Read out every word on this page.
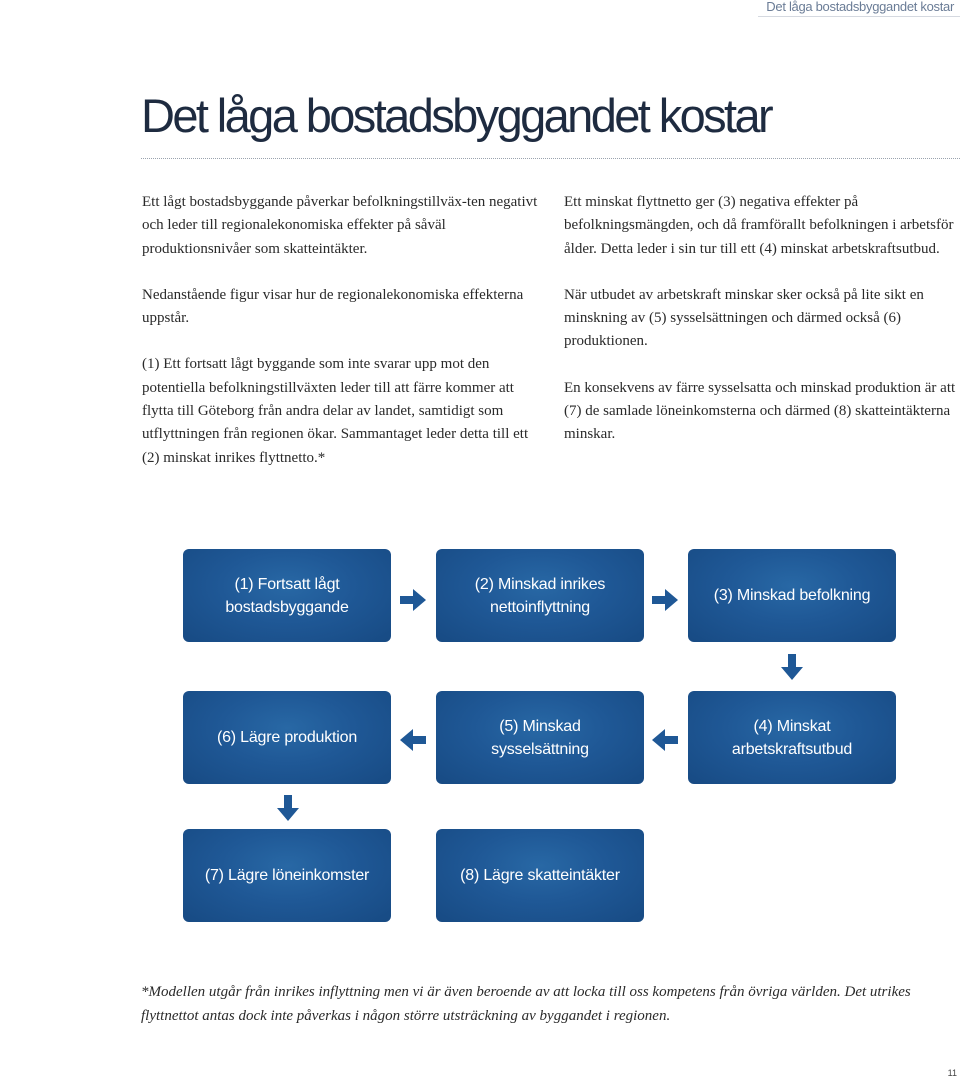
Det låga bostadsbyggandet kostar
Det låga bostadsbyggandet kostar

Ett lågt bostadsbyggande påverkar befolkningstillväx-ten negativt och leder till regionalekonomiska effekter på såväl produktionsnivåer som skatteintäkter.

Nedanstående figur visar hur de regionalekonomiska effekterna uppstår.

(1) Ett fortsatt lågt byggande som inte svarar upp mot den potentiella befolkningstillväxten leder till att färre kommer att flytta till Göteborg från andra delar av landet, samtidigt som utflyttningen från regionen ökar. Sammantaget leder detta till ett (2) minskat inrikes flyttnetto.*

Ett minskat flyttnetto ger (3) negativa effekter på befolkningsmängden, och då framförallt befolkningen i arbetsför ålder. Detta leder i sin tur till ett (4) minskat arbetskraftsutbud.

När utbudet av arbetskraft minskar sker också på lite sikt en minskning av (5) sysselsättningen och därmed också (6) produktionen.

En konsekvens av färre sysselsatta och minskad produktion är att (7) de samlade löneinkomsterna och därmed (8) skatteintäkterna minskar.

(1) Fortsatt lågt bostadsbyggande
(2) Minskad inrikes nettoinflyttning
(3) Minskad befolkning
(4) Minskat arbetskraftsutbud
(5) Minskad sysselsättning
(6) Lägre produktion
(7) Lägre löneinkomster	(8) Lägre skatteintäkter
*Modellen utgår från inrikes inflyttning men vi är även beroende av att locka till oss kompetens från övriga världen. Det utrikes flyttnettot antas dock inte påverkas i någon större utsträckning av byggandet i regionen.
11
